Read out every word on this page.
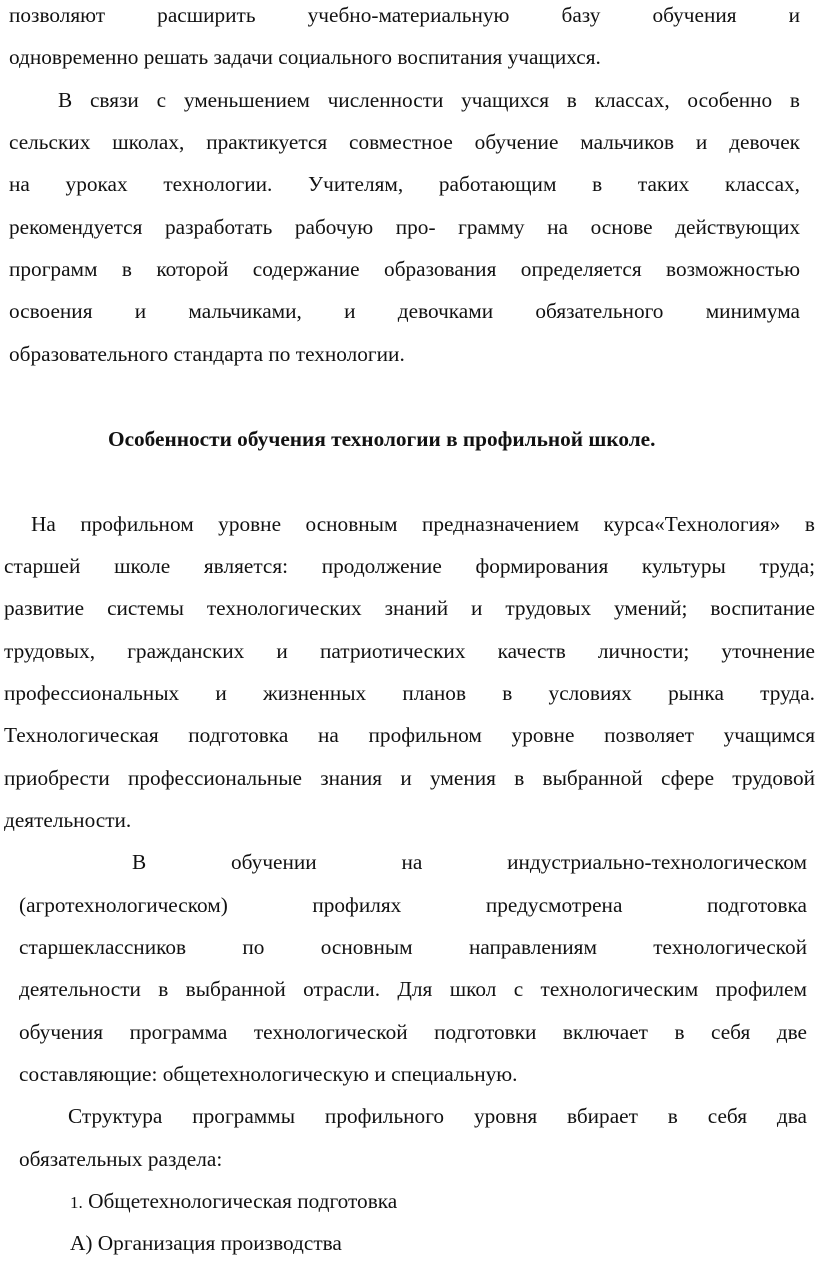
позволяют расширить учебно-материальную базу обучения и
одновременно решать задачи социального воспитания учащихся.
В связи с уменьшением численности учащихся в классах, особенно в
сельских школах, практикуется совместное обучение мальчиков и девочек
на уроках технологии. Учителям, работающим в таких классах,
рекомендуется разработать рабочую про- грамму на основе действующих
программ в которой содержание образования определяется возможностью
освоения и мальчиками, и девочками обязательного минимума
образовательного стандарта по технологии.
Особенности обучения технологии в профильной школе.
На профильном уровне основным предназначением курса«Технология» в
старшей школе является: продолжение формирования культуры труда;
развитие системы технологических знаний и трудовых умений; воспитание
трудовых, гражданских и патриотических качеств личности; уточнение
профессиональных и жизненных планов в условиях рынка труда.
Технологическая подготовка на профильном уровне позволяет учащимся
приобрести профессиональные знания и умения в выбранной сфере трудовой
деятельности.
В обучении на индустриально-технологическом
(агротехнологическом) профилях предусмотрена подготовка
старшеклассников по основным направлениям технологической
деятельности в выбранной отрасли. Для школ с технологическим профилем
обучения программа технологической подготовки включает в себя две
составляющие: общетехнологическую и специальную.
Структура программы профильного уровня вбирает в себя два
обязательных раздела:
1. Общетехнологическая подготовка
А) Организация производства
